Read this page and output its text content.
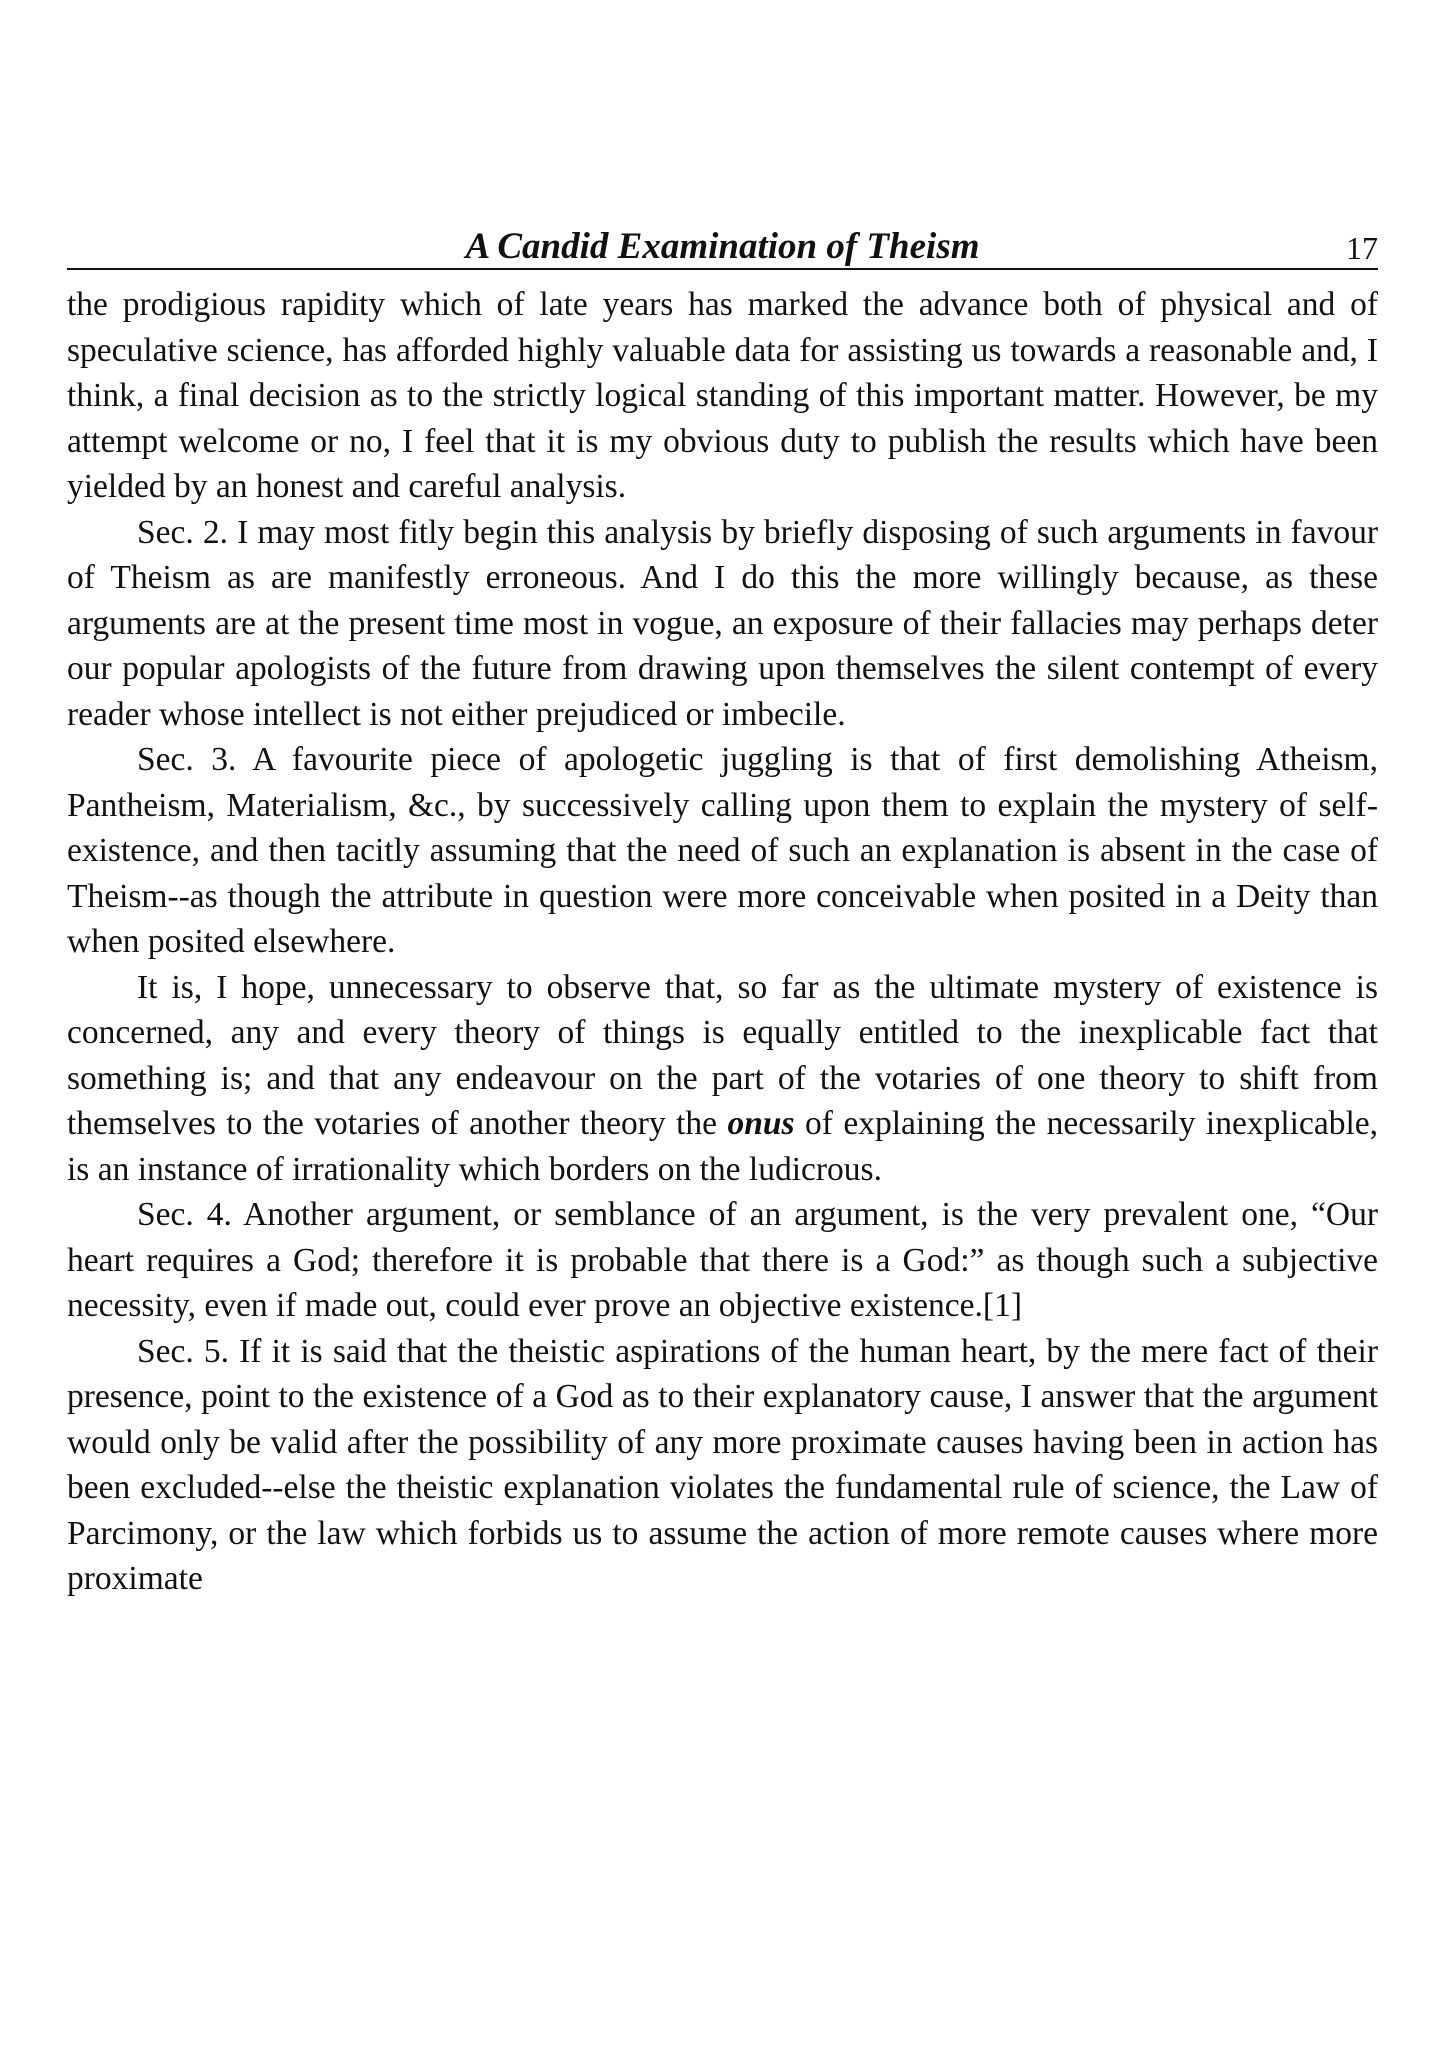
A Candid Examination of Theism	17

the prodigious rapidity which of late years has marked the advance both of physical and of speculative science, has afforded highly valuable data for assisting us towards a reasonable and, I think, a final decision as to the strictly logical standing of this important matter. However, be my attempt welcome or no, I feel that it is my obvious duty to publish the results which have been yielded by an honest and careful analysis.

Sec. 2. I may most fitly begin this analysis by briefly disposing of such arguments in favour of Theism as are manifestly erroneous. And I do this the more willingly because, as these arguments are at the present time most in vogue, an exposure of their fallacies may perhaps deter our popular apologists of the future from drawing upon themselves the silent contempt of every reader whose intellect is not either prejudiced or imbecile.

Sec. 3. A favourite piece of apologetic juggling is that of first demolishing Atheism, Pantheism, Materialism, &c., by successively calling upon them to explain the mystery of self-existence, and then tacitly assuming that the need of such an explanation is absent in the case of Theism--as though the attribute in question were more conceivable when posited in a Deity than when posited elsewhere.

It is, I hope, unnecessary to observe that, so far as the ultimate mystery of existence is concerned, any and every theory of things is equally entitled to the inexplicable fact that something is; and that any endeavour on the part of the votaries of one theory to shift from themselves to the votaries of another theory the onus of explaining the necessarily inexplicable, is an instance of irrationality which borders on the ludicrous.

Sec. 4. Another argument, or semblance of an argument, is the very prevalent one, “Our heart requires a God; therefore it is probable that there is a God:” as though such a subjective necessity, even if made out, could ever prove an objective existence.[1]

Sec. 5. If it is said that the theistic aspirations of the human heart, by the mere fact of their presence, point to the existence of a God as to their explanatory cause, I answer that the argument would only be valid after the possibility of any more proximate causes having been in action has been excluded--else the theistic explanation violates the fundamental rule of science, the Law of Parcimony, or the law which forbids us to assume the action of more remote causes where more proximate
